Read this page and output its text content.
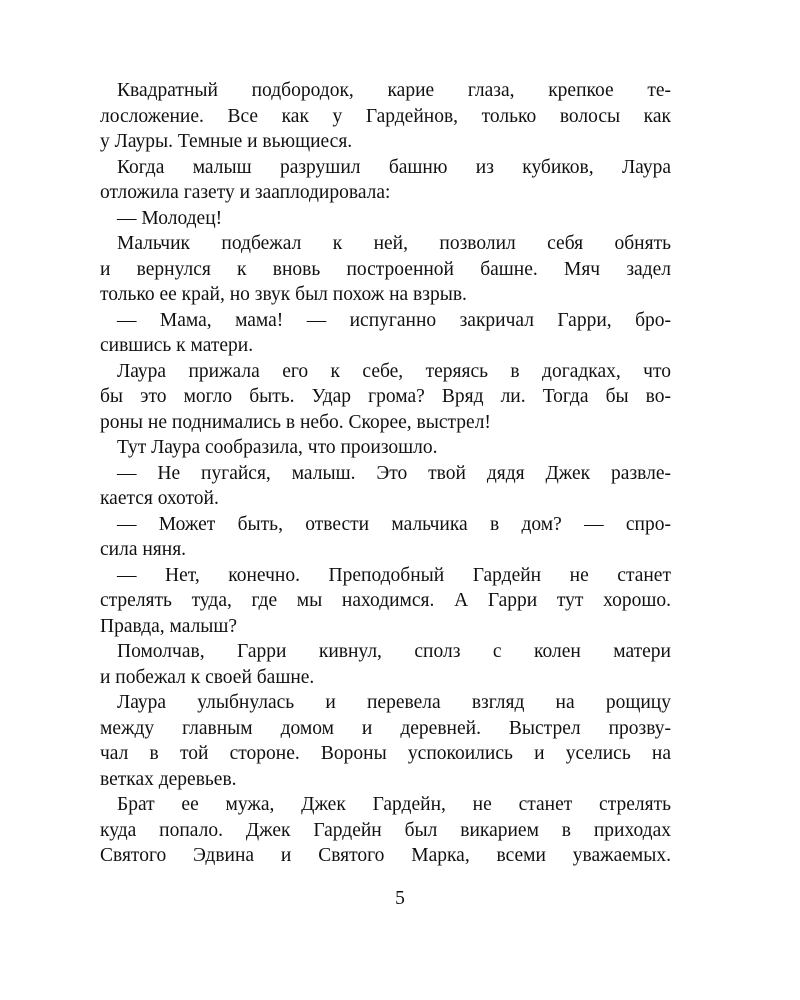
Квадратный подбородок, карие глаза, крепкое те-
лосложение. Все как у Гардейнов, только волосы как
у Лауры. Темные и вьющиеся.
Когда малыш разрушил башню из кубиков, Лаура
отложила газету и зааплодировала:
— Молодец!
Мальчик подбежал к ней, позволил себя обнять
и вернулся к вновь построенной башне. Мяч задел
только ее край, но звук был похож на взрыв.
— Мама, мама! — испуганно закричал Гарри, бро-
сившись к матери.
Лаура прижала его к себе, теряясь в догадках, что
бы это могло быть. Удар грома? Вряд ли. Тогда бы во-
роны не поднимались в небо. Скорее, выстрел!
Тут Лаура сообразила, что произошло.
— Не пугайся, малыш. Это твой дядя Джек развле-
кается охотой.
— Может быть, отвести мальчика в дом? — спро-
сила няня.
— Нет, конечно. Преподобный Гардейн не станет
стрелять туда, где мы находимся. А Гарри тут хорошо.
Правда, малыш?
Помолчав, Гарри кивнул, сполз с колен матери
и побежал к своей башне.
Лаура улыбнулась и перевела взгляд на рощицу
между главным домом и деревней. Выстрел прозву-
чал в той стороне. Вороны успокоились и уселись на
ветках деревьев.
Брат ее мужа, Джек Гардейн, не станет стрелять
куда попало. Джек Гардейн был викарием в приходах
Святого Эдвина и Святого Марка, всеми уважаемых.
5
